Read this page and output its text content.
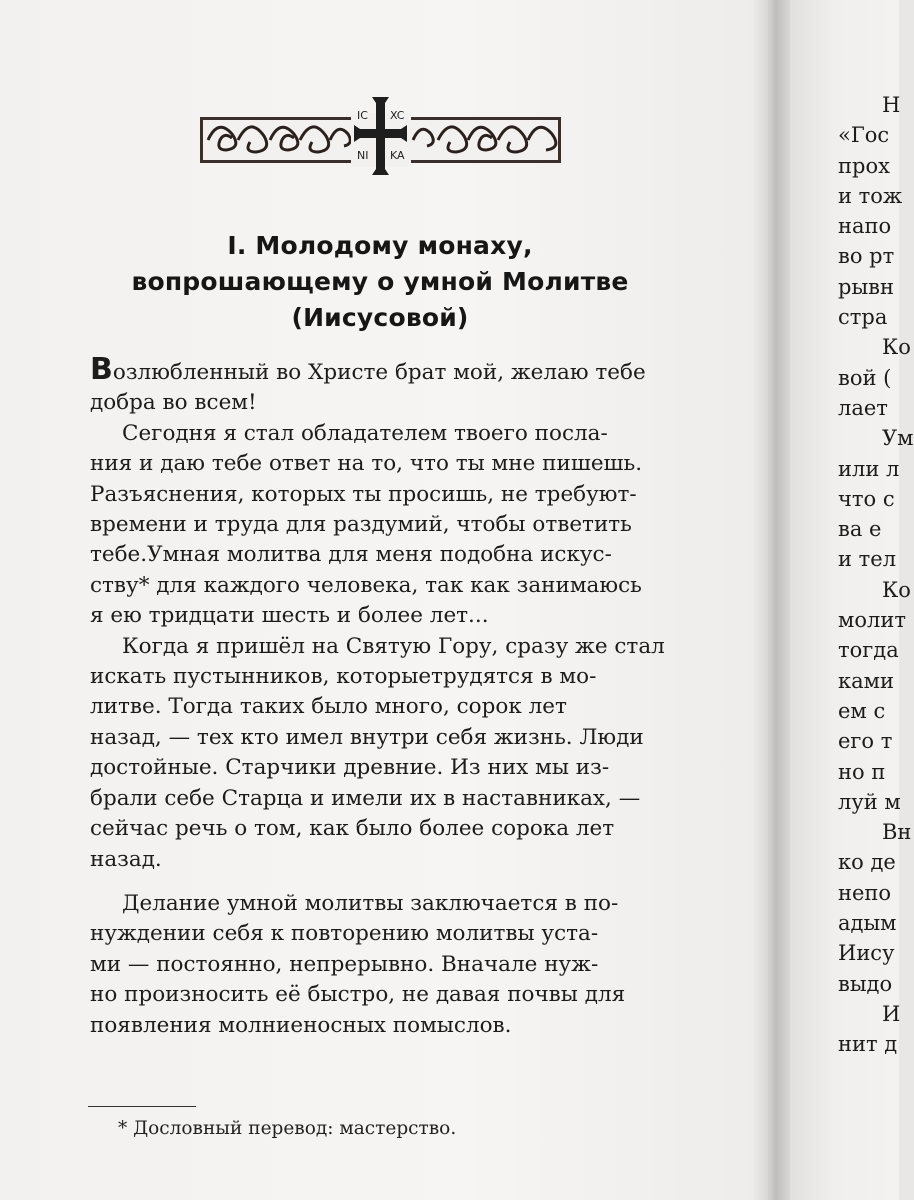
IC XC
NI KA
I. Молодому монаху,
вопрошающему о умной Молитве
(Иисусовой)

Возлюбленный во Христе брат мой, желаю тебе
добра во всем!

Сегодня я стал обладателем твоего посла-
ния и даю тебе ответ на то, что ты мне пишешь.
Разъяснения, которых ты просишь, не требуют-
времени и труда для раздумий, чтобы ответить
тебе.Умная молитва для меня подобна искус-
ству* для каждого человека, так как занимаюсь
я ею тридцати шесть и более лет...

Когда я пришёл на Святую Гору, сразу же стал
искать пустынников, которыетрудятся в мо-
литве. Тогда таких было много, сорок лет
назад, — тех кто имел внутри себя жизнь. Люди
достойные. Старчики древние. Из них мы из-
брали себе Старца и имели их в наставниках, —
сейчас речь о том, как было более сорока лет
назад.

Делание умной молитвы заключается в по-
нуждении себя к повторению молитвы уста-
ми — постоянно, непрерывно. Вначале нуж-
но произносить её быстро, не давая почвы для
появления молниеносных помыслов.

* Дословный перевод: мастерство.
Н
«Гос
прох
и тож
напо
во рт
рывн
стра
Ко
вой (
лает
Ум
или л
что с
ва е
и тел
Ко
молит
тогда
ками
ем с
его т
но п
луй м
Вн
ко де
непо
адым
Иису
выдо
И
нит д
